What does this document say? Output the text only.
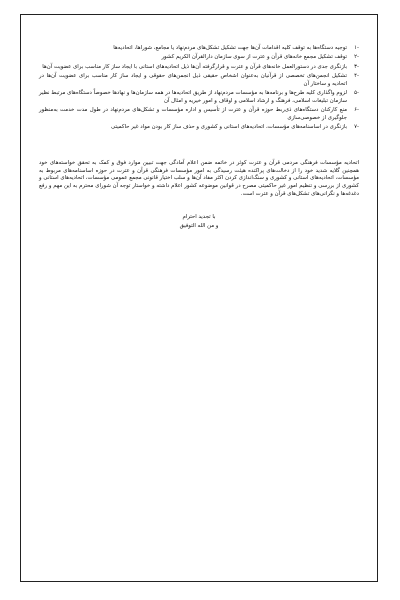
-۱
توجیه دستگاه‌ها به توقف کلیه اقدامات آن‌ها جهت تشکیل تشکل‌های مردم‌نهاد یا مجامع، شوراها، اتحادیه‌ها
-۲
توقف تشکیل مجمع خانه‌های قرآن و عترت از سوی سازمان دارالقرآن الکریم کشور
-۳
بازنگری جدی در دستورالعمل خانه‌های قرآن و عترت و قرارگرفته آن‌ها ذیل اتحادیه‌های استانی با ایجاد ساز کار مناسب برای عضویت آن‌ها
-۴
تشکیل انجمن‌های تخصصی از قرآنیان به‌عنوان اشخاص حقیقی ذیل انجمن‌های حقوقی و ایجاد ساز کار مناسب برای عضویت آن‌ها در اتحادیه و ساختار آن
-۵
لزوم واگذاری کلیه طرح‌ها و برنامه‌ها به مؤسسات مردم‌نهاد از طریق اتحادیه‌ها در همه سازمان‌ها و نهادها خصوصاً دستگاه‌های مرتبط نظیر سازمان تبلیغات اسلامی، فرهنگ و ارشاد اسلامی و اوقاف و امور خیریه و امثال آن
-۶
منع کارکنان دستگاه‌های ذی‌ربط حوزه قرآن و عترت از تأسیس و اداره مؤسسات و تشکل‌های مردم‌نهاد در طول مدت خدمت به‌منظور جلوگیری از خصوصی‌سازی
-۷
بازنگری در اساسنامه‌های مؤسسات، اتحادیه‌های استانی و کشوری و حذف ساز کار بودن مواد غیر حاکمیتی

اتحادیه مؤسسات فرهنگی مردمی قرآن و عترت کوثر در خاتمه ضمن اعلام آمادگی جهت تبیین موارد فوق و کمک به تحقق خواسته‌های خود همچنین گلایه شدید خود را از دخالت‌های پراکنده هیئت رسیدگی به امور مؤسسات فرهنگی قرآن و عترت در حوزه اساسنامه‌های مربوط به مؤسسات، اتحادیه‌های استانی و کشوری و سنگ‌اندازی کردن اکثر مفاد آن‌ها و سلب اختیار قانونی مجمع عمومی مؤسسات، اتحادیه‌های استانی و کشوری از بررسی و تنظیم امور غیر حاکمیتی مصرح در قوانین موضوعه کشور اعلام داشته و خواستار توجه آن شورای محترم به این مهم و رفع دغدغه‌ها و نگرانی‌های تشکل‌های قرآن و عترت است.

با تجدید احترام
و من الله التوفیق
